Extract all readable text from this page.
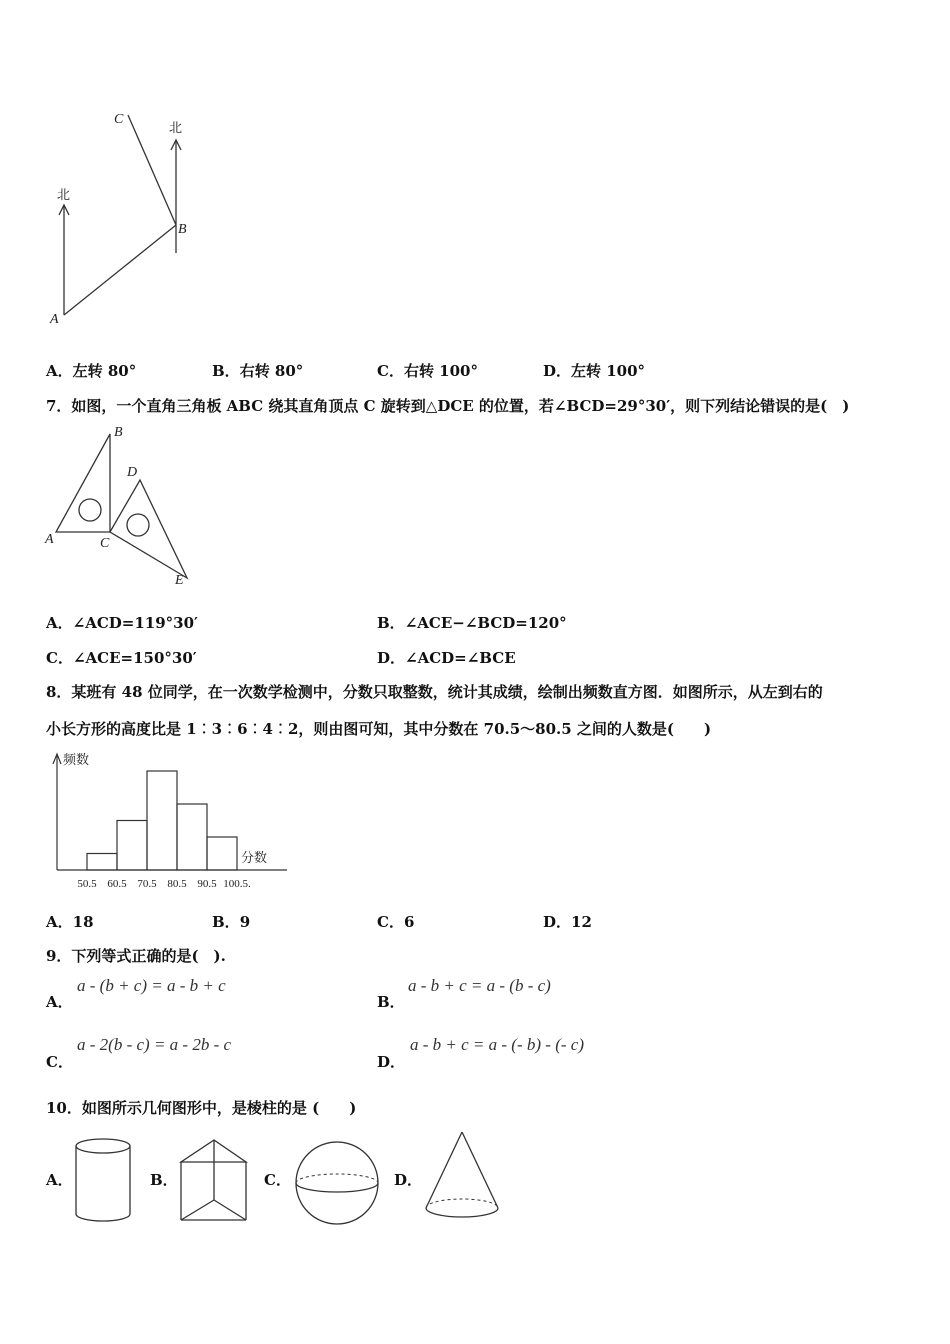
北
北
A
B
C
A．左转 80°	B．右转 80°	C．右转 100°	D．左转 100°
7．如图，一个直角三角板 ABC 绕其直角顶点 C 旋转到△DCE 的位置，若∠BCD=29°30′，则下列结论错误的是(　)
A
B
C
D
E
A．∠ACD=119°30′	B．∠ACE−∠BCD=120°
C．∠ACE=150°30′	D．∠ACD=∠BCE
8．某班有 48 位同学，在一次数学检测中，分数只取整数，统计其成绩，绘制出频数直方图．如图所示，从左到右的
小长方形的高度比是 1︰3︰6︰4︰2，则由图可知，其中分数在 70.5～80.5 之间的人数是(　　)
频数
分数
50.5 60.5 70.5 80.5 90.5 100.5.
A．18	B．9	C．6	D．12
9．下列等式正确的是(　).
A．
a - (b + c) = a - b + c
B．
a - b + c = a - (b - c)
C．
a - 2(b - c) = a - 2b - c
D．
a - b + c = a - (- b) - (- c)
10．如图所示几何图形中，是棱柱的是 (　　)
A．	B．	C．	D．
